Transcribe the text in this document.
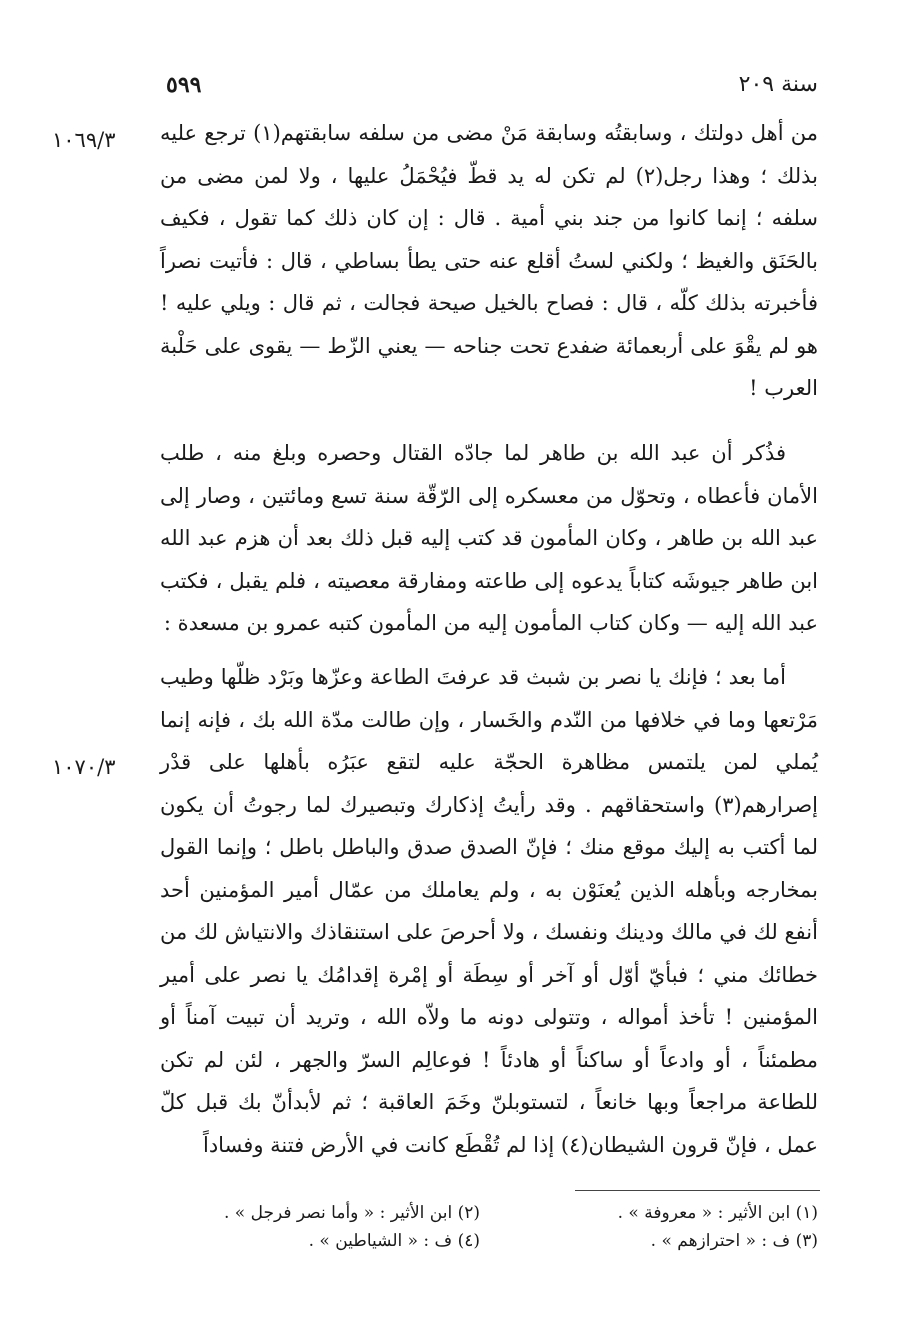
سنة ٢٠٩
٥٩٩
١٠٦٩/٣
١٠٧٠/٣

من أهل دولتك ، وسابقتُه وسابقة مَنْ مضى من سلفه سابقتهم(١) ترجع عليه بذلك ؛ وهذا رجل(٢) لم تكن له يد قطّ فيُحْمَلُ عليها ، ولا لمن مضى من سلفه ؛ إنما كانوا من جند بني أمية . قال : إن كان ذلك كما تقول ، فكيف بالحَنَق والغيظ ؛ ولكني لستُ أقلع عنه حتى يطأ بساطي ، قال : فأتيت نصراً فأخبرته بذلك كلّه ، قال : فصاح بالخيل صيحة فجالت ، ثم قال : ويلي عليه ! هو لم يقْوَ على أربعمائة ضفدع تحت جناحه — يعني الزّط — يقوى على حَلْبة العرب !

فذُكر أن عبد الله بن طاهر لما جادّه القتال وحصره وبلغ منه ، طلب الأمان فأعطاه ، وتحوّل من معسكره إلى الرّقّة سنة تسع ومائتين ، وصار إلى عبد الله بن طاهر ، وكان المأمون قد كتب إليه قبل ذلك بعد أن هزم عبد الله ابن طاهر جيوشَه كتاباً يدعوه إلى طاعته ومفارقة معصيته ، فلم يقبل ، فكتب عبد الله إليه — وكان كتاب المأمون إليه من المأمون كتبه عمرو بن مسعدة :

أما بعد ؛ فإنك يا نصر بن شبث قد عرفتَ الطاعة وعزّها وبَرْد ظلّها وطيب مَرْتعها وما في خلافها من النّدم والخَسار ، وإن طالت مدّة الله بك ، فإنه إنما يُملي لمن يلتمس مظاهرة الحجّة عليه لتقع عبَرُه بأهلها على قدْر إصرارهم(٣) واستحقاقهم . وقد رأيتُ إذكارك وتبصيرك لما رجوتُ أن يكون لما أكتب به إليك موقع منك ؛ فإنّ الصدق صدق والباطل باطل ؛ وإنما القول بمخارجه وبأهله الذين يُعنَوْن به ، ولم يعاملك من عمّال أمير المؤمنين أحد أنفع لك في مالك ودينك ونفسك ، ولا أحرصَ على استنقاذك والانتياش لك من خطائك مني ؛ فبأيّ أوّل أو آخر أو سِطَة أو إمْرة إقدامُك يا نصر على أمير المؤمنين ! تأخذ أمواله ، وتتولى دونه ما ولاّه الله ، وتريد أن تبيت آمناً أو مطمئناً ، أو وادعاً أو ساكناً أو هادئاً ! فوعالِم السرّ والجهر ، لئن لم تكن للطاعة مراجعاً وبها خانعاً ، لتستوبلنّ وخَمَ العاقبة ؛ ثم لأبدأنّ بك قبل كلّ عمل ، فإنّ قرون الشيطان(٤) إذا لم تُقْطَع كانت في الأرض فتنة وفساداً

(١) ابن الأثير : « معروفة » .
(٢) ابن الأثير : « وأما نصر فرجل » .
(٣) ف : « احترازهم » .
(٤) ف : « الشياطين » .
